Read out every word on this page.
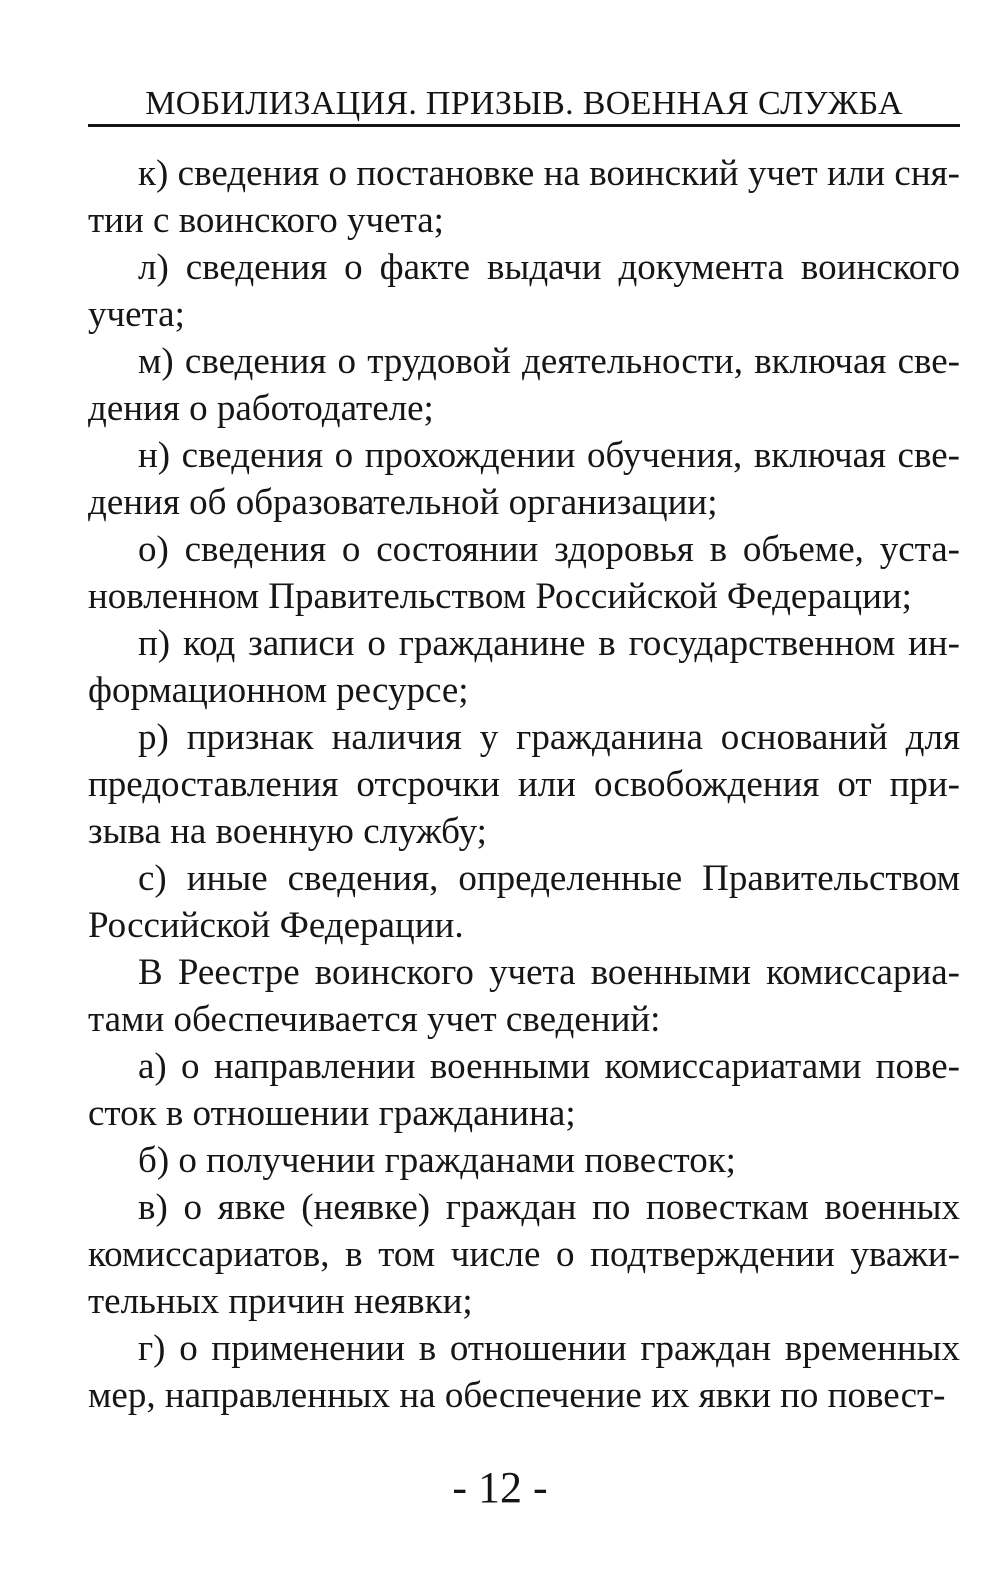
МОБИЛИЗАЦИЯ. ПРИЗЫВ. ВОЕННАЯ СЛУЖБА

к) сведения о постановке на воинский учет или снятии с воинского учета;

л) сведения о факте выдачи документа воинского учета;

м) сведения о трудовой деятельности, включая сведения о работодателе;

н) сведения о прохождении обучения, включая сведения об образовательной организации;

о) сведения о состоянии здоровья в объеме, установленном Правительством Российской Федерации;

п) код записи о гражданине в государственном информационном ресурсе;

р) признак наличия у гражданина оснований для предоставления отсрочки или освобождения от призыва на военную службу;

с) иные сведения, определенные Правительством Российской Федерации.

В Реестре воинского учета военными комиссариатами обеспечивается учет сведений:

а) о направлении военными комиссариатами повесток в отношении гражданина;

б) о получении гражданами повесток;

в) о явке (неявке) граждан по повесткам военных комиссариатов, в том числе о подтверждении уважительных причин неявки;

г) о применении в отношении граждан временных мер, направленных на обеспечение их явки по повест-

- 12 -
